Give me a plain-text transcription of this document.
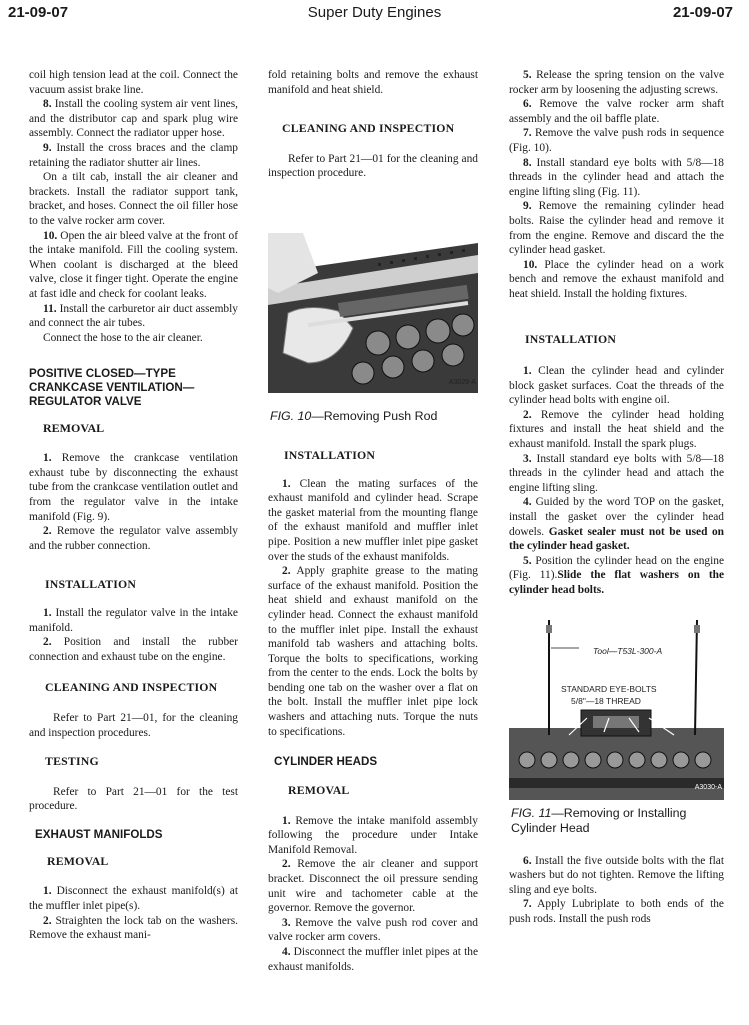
21-09-07	Super Duty Engines	21-09-07

coil high tension lead at the coil. Connect the vacuum assist brake line.

8. Install the cooling system air vent lines, and the distributor cap and spark plug wire assembly. Connect the radiator upper hose.

9. Install the cross braces and the clamp retaining the radiator shutter air lines.

On a tilt cab, install the air cleaner and brackets. Install the radiator support tank, bracket, and hoses. Connect the oil filler hose to the valve rocker arm cover.

10. Open the air bleed valve at the front of the intake manifold. Fill the cooling system. When coolant is discharged at the bleed valve, close it finger tight. Operate the engine at fast idle and check for coolant leaks.

11. Install the carburetor air duct assembly and connect the air tubes.

Connect the hose to the air cleaner.

POSITIVE CLOSED—TYPE
CRANKCASE VENTILATION—
REGULATOR VALVE
REMOVAL

1. Remove the crankcase ventilation exhaust tube by disconnecting the exhaust tube from the crankcase ventilation outlet and from the regulator valve in the intake manifold (Fig. 9).

2. Remove the regulator valve assembly and the rubber connection.

INSTALLATION

1. Install the regulator valve in the intake manifold.

2. Position and install the rubber connection and exhaust tube on the engine.

CLEANING AND INSPECTION

Refer to Part 21—01, for the cleaning and inspection procedures.

TESTING

Refer to Part 21—01 for the test procedure.

EXHAUST MANIFOLDS
REMOVAL

1. Disconnect the exhaust manifold(s) at the muffler inlet pipe(s).

2. Straighten the lock tab on the washers. Remove the exhaust mani-

fold retaining bolts and remove the exhaust manifold and heat shield.

CLEANING AND INSPECTION

Refer to Part 21—01 for the cleaning and inspection procedure.

A3029-A
FIG. 10—Removing Push Rod
INSTALLATION

1. Clean the mating surfaces of the exhaust manifold and cylinder head. Scrape the gasket material from the mounting flange of the exhaust manifold and muffler inlet pipe. Position a new muffler inlet pipe gasket over the studs of the exhaust manifolds.

2. Apply graphite grease to the mating surface of the exhaust manifold. Position the heat shield and exhaust manifold on the cylinder head. Connect the exhaust manifold to the muffler inlet pipe. Install the exhaust manifold tab washers and attaching bolts. Torque the bolts to specifications, working from the center to the ends. Lock the bolts by bending one tab on the washer over a flat on the bolt. Install the muffler inlet pipe lock washers and attaching nuts. Torque the nuts to specifications.

CYLINDER HEADS
REMOVAL

1. Remove the intake manifold assembly following the procedure under Intake Manifold Removal.

2. Remove the air cleaner and support bracket. Disconnect the oil pressure sending unit wire and tachometer cable at the governor. Remove the governor.

3. Remove the valve push rod cover and valve rocker arm covers.

4. Disconnect the muffler inlet pipes at the exhaust manifolds.

5. Release the spring tension on the valve rocker arm by loosening the adjusting screws.

6. Remove the valve rocker arm shaft assembly and the oil baffle plate.

7. Remove the valve push rods in sequence (Fig. 10).

8. Install standard eye bolts with 5/8—18 threads in the cylinder head and attach the engine lifting sling (Fig. 11).

9. Remove the remaining cylinder head bolts. Raise the cylinder head and remove it from the engine. Remove and discard the the cylinder head gasket.

10. Place the cylinder head on a work bench and remove the exhaust manifold and heat shield. Install the holding fixtures.

INSTALLATION

1. Clean the cylinder head and cylinder block gasket surfaces. Coat the threads of the cylinder head bolts with engine oil.

2. Remove the cylinder head holding fixtures and install the heat shield and the exhaust manifold. Install the spark plugs.

3. Install standard eye bolts with 5/8—18 threads in the cylinder head and attach the engine lifting sling.

4. Guided by the word TOP on the gasket, install the gasket over the cylinder head dowels. Gasket sealer must not be used on the cylinder head gasket.

5. Position the cylinder head on the engine (Fig. 11).Slide the flat washers on the cylinder head bolts.

Tool—T53L-300-A
STANDARD EYE-BOLTS
5/8"—18 THREAD
A3030-A
FIG. 11—Removing or Installing Cylinder Head

6. Install the five outside bolts with the flat washers but do not tighten. Remove the lifting sling and eye bolts.

7. Apply Lubriplate to both ends of the push rods. Install the push rods
